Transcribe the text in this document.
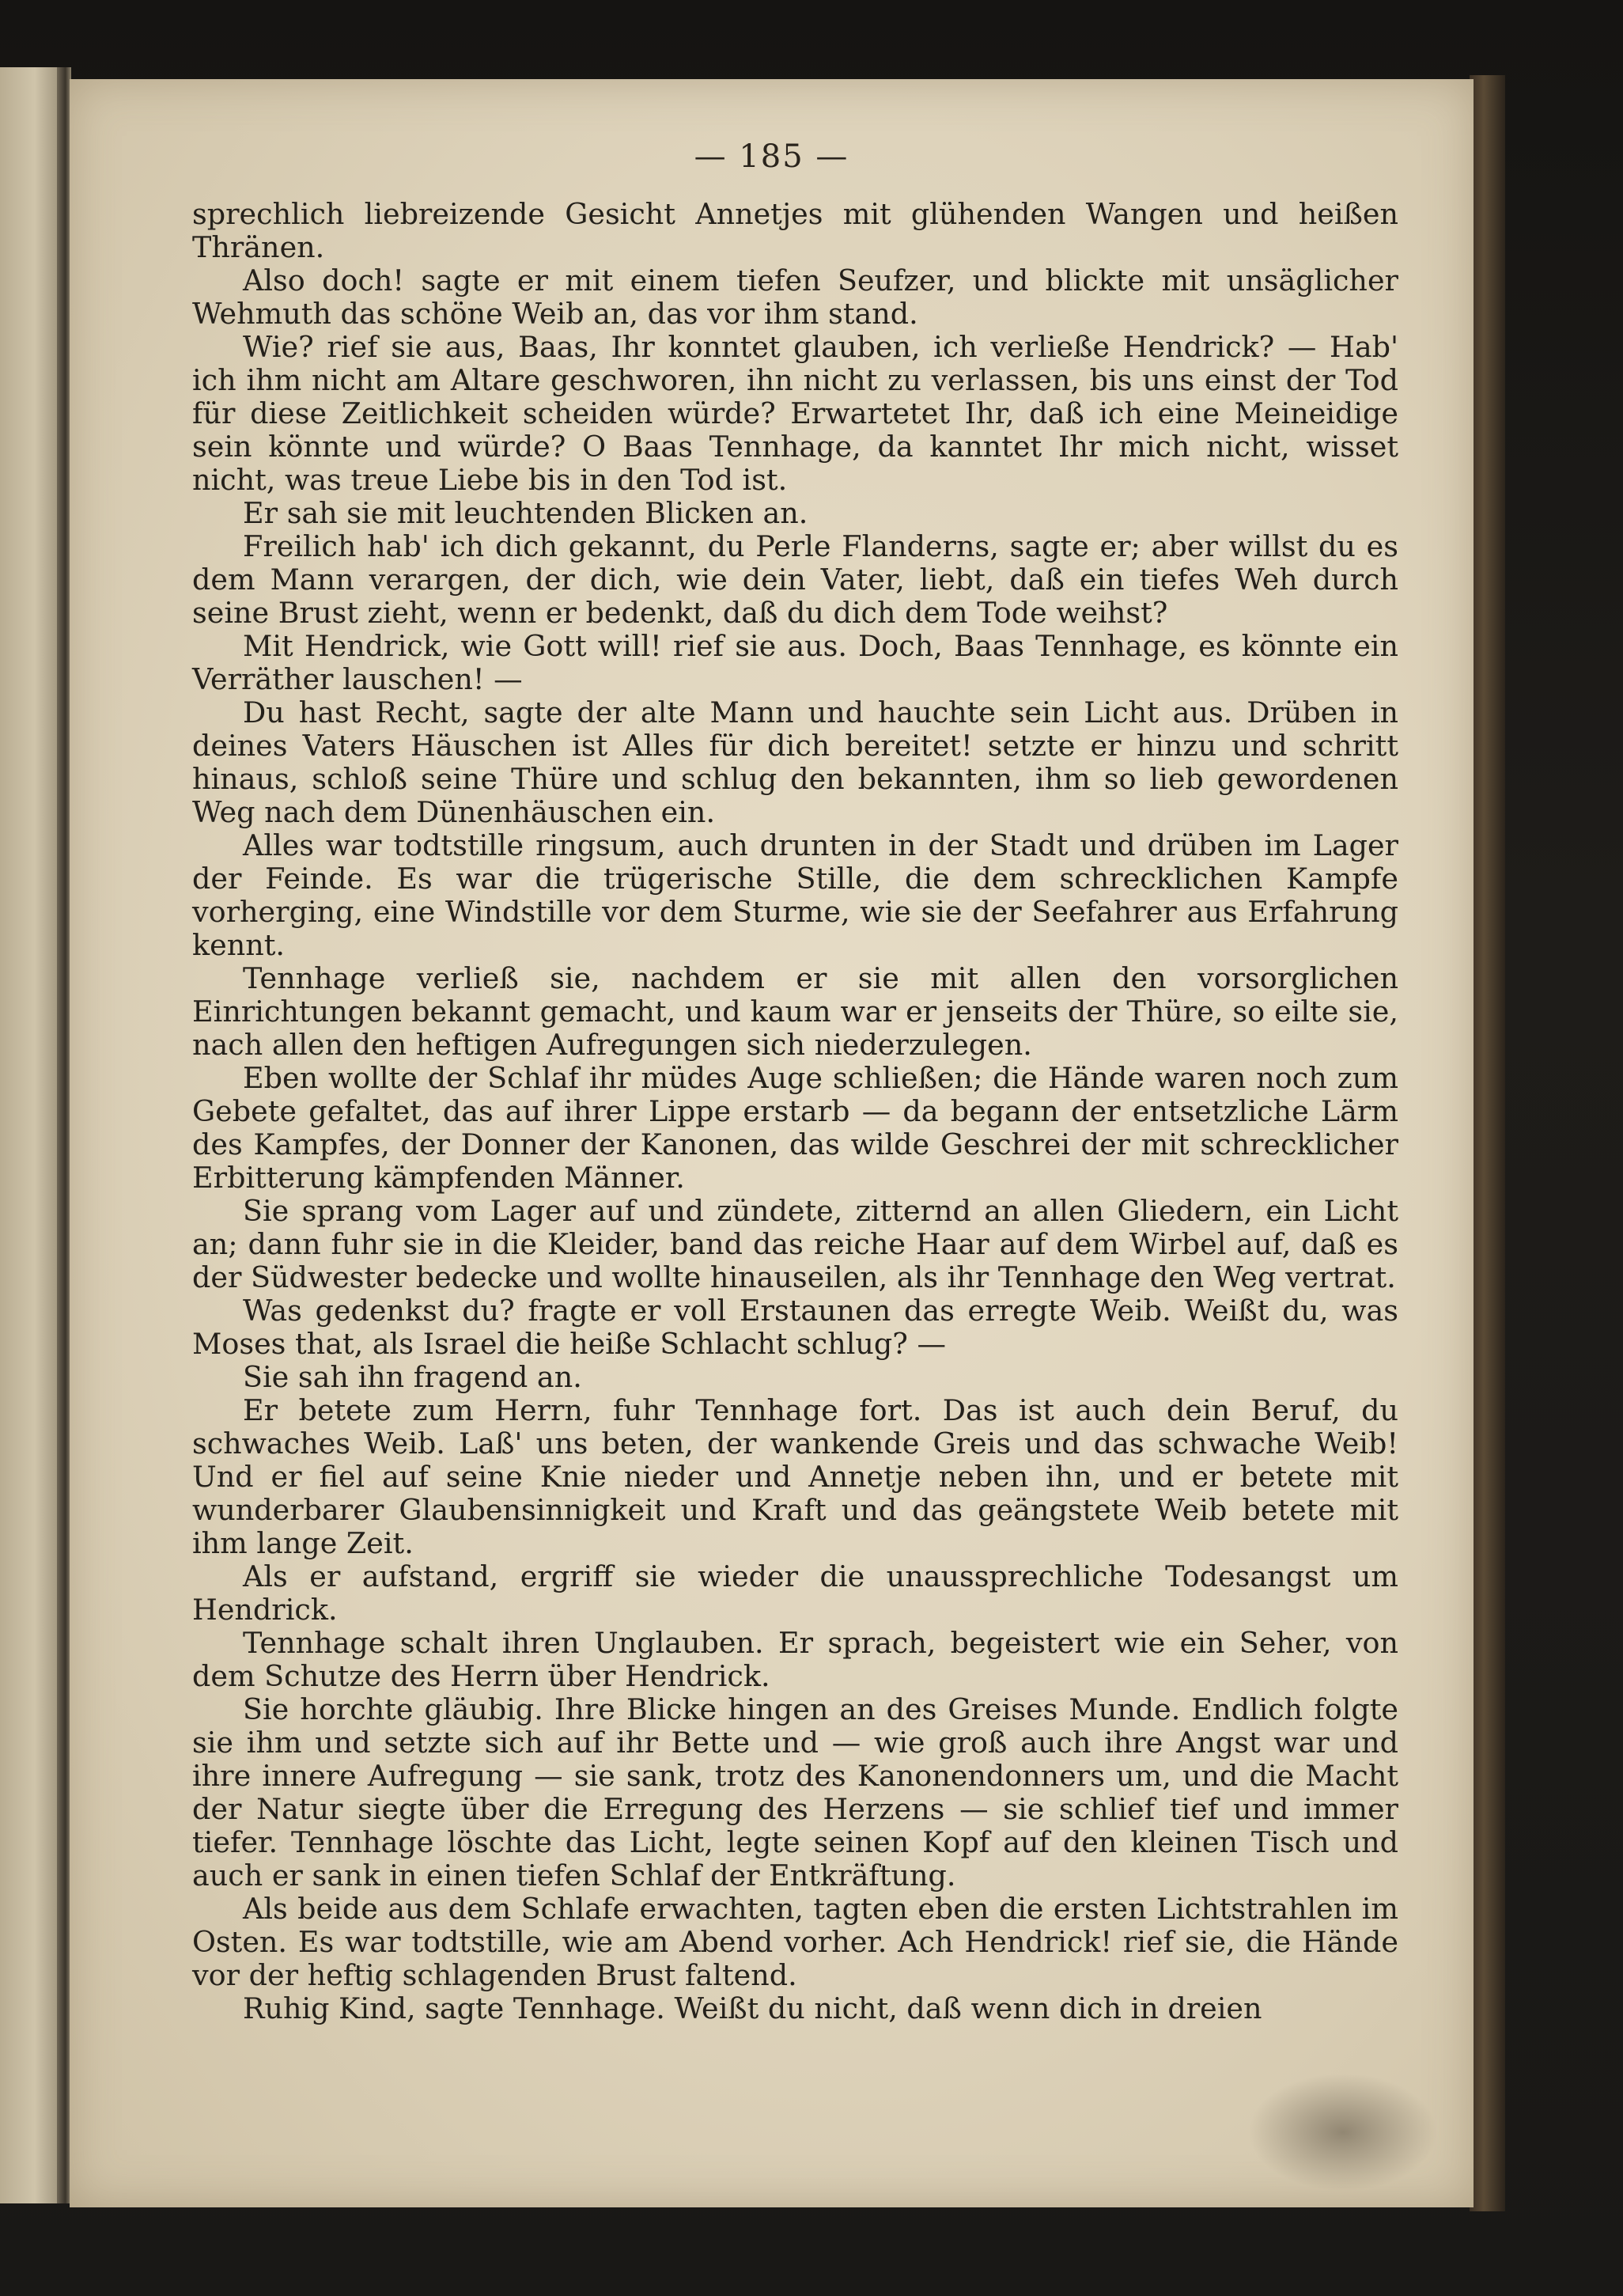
— 185 —

sprechlich liebreizende Gesicht Annetjes mit glühenden Wangen und heißen Thränen.

Also doch! sagte er mit einem tiefen Seufzer, und blickte mit unsäglicher Wehmuth das schöne Weib an, das vor ihm stand.

Wie? rief sie aus, Baas, Ihr konntet glauben, ich verließe Hendrick? — Hab' ich ihm nicht am Altare geschworen, ihn nicht zu verlassen, bis uns einst der Tod für diese Zeitlichkeit scheiden würde? Erwartetet Ihr, daß ich eine Meineidige sein könnte und würde? O Baas Tennhage, da kanntet Ihr mich nicht, wisset nicht, was treue Liebe bis in den Tod ist.

Er sah sie mit leuchtenden Blicken an.

Freilich hab' ich dich gekannt, du Perle Flanderns, sagte er; aber willst du es dem Mann verargen, der dich, wie dein Vater, liebt, daß ein tiefes Weh durch seine Brust zieht, wenn er bedenkt, daß du dich dem Tode weihst?

Mit Hendrick, wie Gott will! rief sie aus. Doch, Baas Tennhage, es könnte ein Verräther lauschen! —

Du hast Recht, sagte der alte Mann und hauchte sein Licht aus. Drüben in deines Vaters Häuschen ist Alles für dich bereitet! setzte er hinzu und schritt hinaus, schloß seine Thüre und schlug den bekannten, ihm so lieb gewordenen Weg nach dem Dünenhäuschen ein.

Alles war todtstille ringsum, auch drunten in der Stadt und drüben im Lager der Feinde. Es war die trügerische Stille, die dem schrecklichen Kampfe vorherging, eine Windstille vor dem Sturme, wie sie der Seefahrer aus Erfahrung kennt.

Tennhage verließ sie, nachdem er sie mit allen den vorsorglichen Einrichtungen bekannt gemacht, und kaum war er jenseits der Thüre, so eilte sie, nach allen den heftigen Aufregungen sich niederzulegen.

Eben wollte der Schlaf ihr müdes Auge schließen; die Hände waren noch zum Gebete gefaltet, das auf ihrer Lippe erstarb — da begann der entsetzliche Lärm des Kampfes, der Donner der Kanonen, das wilde Geschrei der mit schrecklicher Erbitterung kämpfenden Männer.

Sie sprang vom Lager auf und zündete, zitternd an allen Gliedern, ein Licht an; dann fuhr sie in die Kleider, band das reiche Haar auf dem Wirbel auf, daß es der Südwester bedecke und wollte hinauseilen, als ihr Tennhage den Weg vertrat.

Was gedenkst du? fragte er voll Erstaunen das erregte Weib. Weißt du, was Moses that, als Israel die heiße Schlacht schlug? —

Sie sah ihn fragend an.

Er betete zum Herrn, fuhr Tennhage fort. Das ist auch dein Beruf, du schwaches Weib. Laß' uns beten, der wankende Greis und das schwache Weib! Und er fiel auf seine Knie nieder und Annetje neben ihn, und er betete mit wunderbarer Glaubensinnigkeit und Kraft und das geängstete Weib betete mit ihm lange Zeit.

Als er aufstand, ergriff sie wieder die unaussprechliche Todesangst um Hendrick.

Tennhage schalt ihren Unglauben. Er sprach, begeistert wie ein Seher, von dem Schutze des Herrn über Hendrick.

Sie horchte gläubig. Ihre Blicke hingen an des Greises Munde. Endlich folgte sie ihm und setzte sich auf ihr Bette und — wie groß auch ihre Angst war und ihre innere Aufregung — sie sank, trotz des Kanonendonners um, und die Macht der Natur siegte über die Erregung des Herzens — sie schlief tief und immer tiefer. Tennhage löschte das Licht, legte seinen Kopf auf den kleinen Tisch und auch er sank in einen tiefen Schlaf der Entkräftung.

Als beide aus dem Schlafe erwachten, tagten eben die ersten Lichtstrahlen im Osten. Es war todtstille, wie am Abend vorher. Ach Hendrick! rief sie, die Hände vor der heftig schlagenden Brust faltend.

Ruhig Kind, sagte Tennhage. Weißt du nicht, daß wenn dich in dreien
